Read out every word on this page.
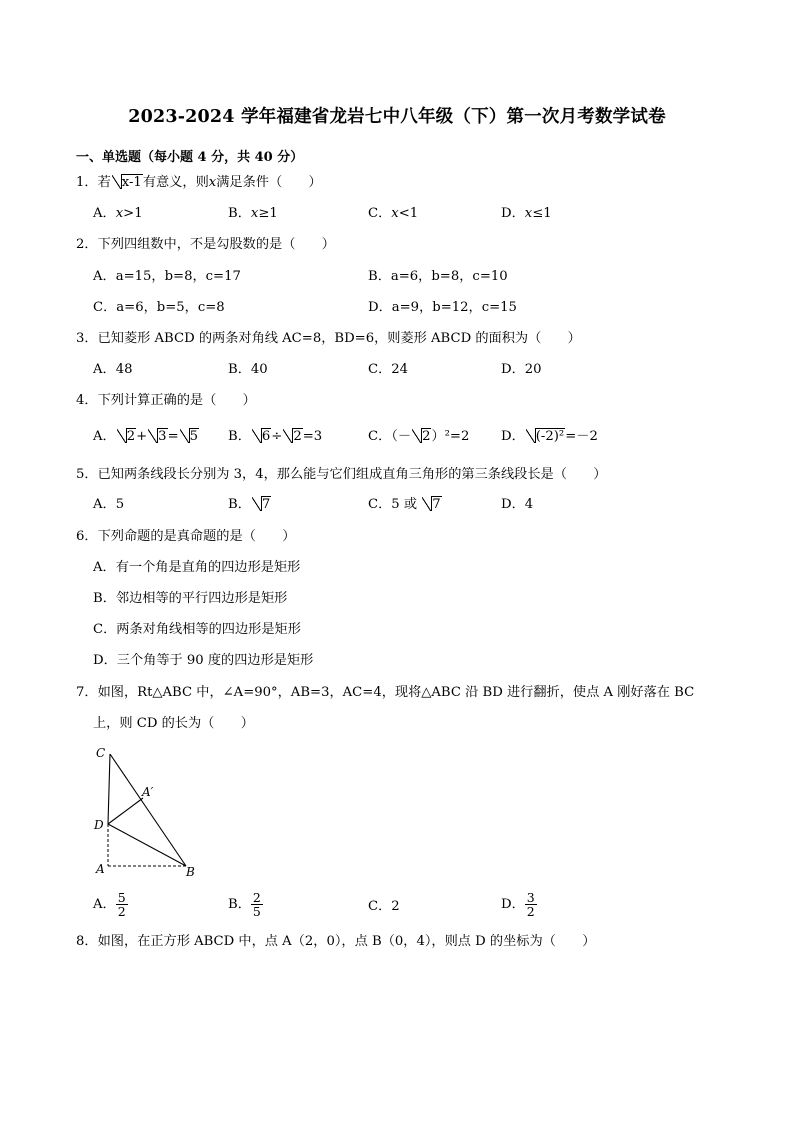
2023-2024 学年福建省龙岩七中八年级（下）第一次月考数学试卷
一、单选题（每小题 4 分，共 40 分）
1．若 x-1有意义，则x满足条件（　　）
A．x>1	B．x≥1	C．x<1	D．x≤1
2．下列四组数中，不是勾股数的是（　　）
A．a=15，b=8，c=17	B．a=6，b=8，c=10
C．a=6，b=5，c=8	D．a=9，b=12，c=15
3．已知菱形 ABCD 的两条对角线 AC=8，BD=6，则菱形 ABCD 的面积为（　　）
A．48	B．40	C．24	D．20
4．下列计算正确的是（　　）
A． 2+ 3= 5 B． 6÷ 2=3	C．（－ 2）²=2 D． (-2)²=－2
5．已知两条线段长分别为 3，4，那么能与它们组成直角三角形的第三条线段长是（　　）
A．5	B． 7	C．5 或 7	D．4
6．下列命题的是真命题的是（　　）
A．有一个角是直角的四边形是矩形
B．邻边相等的平行四边形是矩形
C．两条对角线相等的四边形是矩形
D．三个角等于 90 度的四边形是矩形
7．如图，Rt△ABC 中，∠A=90°，AB=3，AC=4，现将△ABC 沿 BD 进行翻折，使点 A 刚好落在 BC
上，则 CD 的长为（　　）
C
A′
D
A	B
A． $\frac{5}{2}$	B． $\frac{2}{5}$	C．2	D． $\frac{3}{2}$
8．如图，在正方形 ABCD 中，点 A（2，0），点 B（0，4），则点 D 的坐标为（　　）
